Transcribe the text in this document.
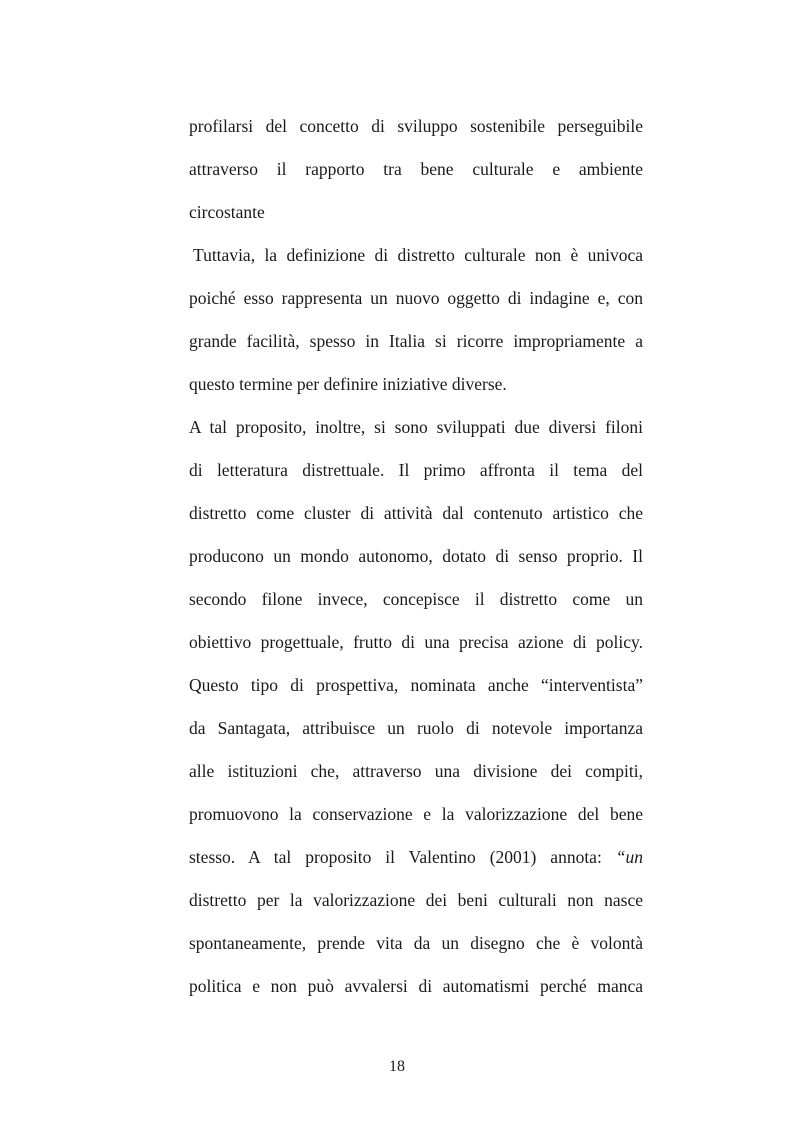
profilarsi del concetto di sviluppo sostenibile perseguibile
attraverso il rapporto tra bene culturale e ambiente
circostante
Tuttavia, la definizione di distretto culturale non è univoca
poiché esso rappresenta un nuovo oggetto di indagine e, con
grande facilità, spesso in Italia si ricorre impropriamente a
questo termine per definire iniziative diverse.
A tal proposito, inoltre, si sono sviluppati due diversi filoni
di letteratura distrettuale. Il primo affronta il tema del
distretto come cluster di attività dal contenuto artistico che
producono un mondo autonomo, dotato di senso proprio. Il
secondo filone invece, concepisce il distretto come un
obiettivo progettuale, frutto di una precisa azione di policy.
Questo tipo di prospettiva, nominata anche “interventista”
da Santagata, attribuisce un ruolo di notevole importanza
alle istituzioni che, attraverso una divisione dei compiti,
promuovono la conservazione e la valorizzazione del bene
stesso. A tal proposito il Valentino (2001) annota: “un
distretto per la valorizzazione dei beni culturali non nasce
spontaneamente, prende vita da un disegno che è volontà
politica e non può avvalersi di automatismi perché manca
18
